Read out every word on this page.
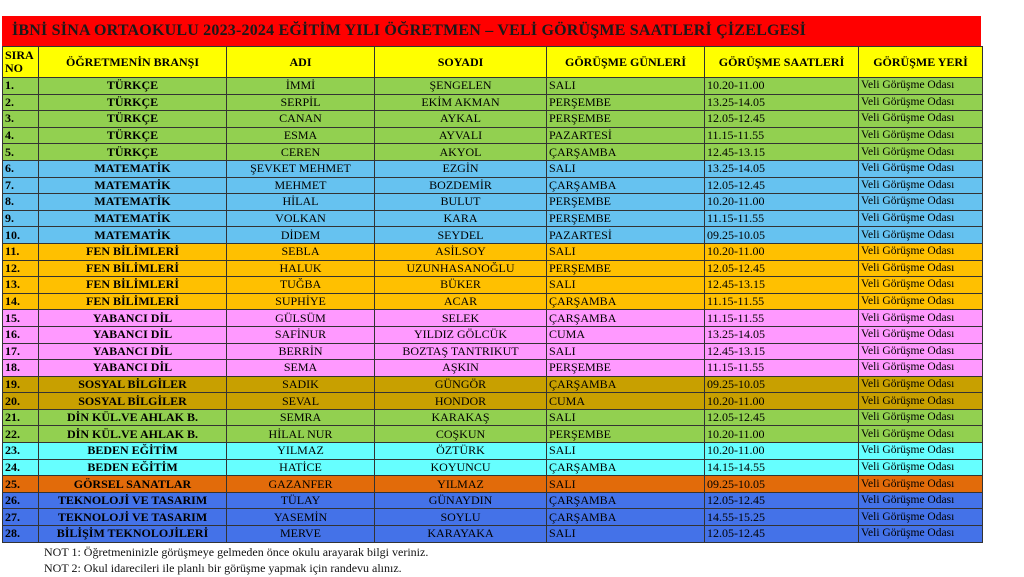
İBNİ SİNA ORTAOKULU 2023-2024 EĞİTİM YILI ÖĞRETMEN – VELİ GÖRÜŞME SAATLERİ ÇİZELGESİ
SIRA
NO	ÖĞRETMENİN BRANŞI	ADI	SOYADI	GÖRÜŞME GÜNLERİ	GÖRÜŞME SAATLERİ	GÖRÜŞME YERİ
1.	TÜRKÇE	İMMİ	ŞENGELEN	SALI	10.20-11.00	Veli Görüşme Odası
2.	TÜRKÇE	SERPİL	EKİM AKMAN	PERŞEMBE	13.25-14.05	Veli Görüşme Odası
3.	TÜRKÇE	CANAN	AYKAL	PERŞEMBE	12.05-12.45	Veli Görüşme Odası
4.	TÜRKÇE	ESMA	AYVALI	PAZARTESİ	11.15-11.55	Veli Görüşme Odası
5.	TÜRKÇE	CEREN	AKYOL	ÇARŞAMBA	12.45-13.15	Veli Görüşme Odası
6.	MATEMATİK	ŞEVKET MEHMET	EZGİN	SALI	13.25-14.05	Veli Görüşme Odası
7.	MATEMATİK	MEHMET	BOZDEMİR	ÇARŞAMBA	12.05-12.45	Veli Görüşme Odası
8.	MATEMATİK	HİLAL	BULUT	PERŞEMBE	10.20-11.00	Veli Görüşme Odası
9.	MATEMATİK	VOLKAN	KARA	PERŞEMBE	11.15-11.55	Veli Görüşme Odası
10.	MATEMATİK	DİDEM	SEYDEL	PAZARTESİ	09.25-10.05	Veli Görüşme Odası
11.	FEN BİLİMLERİ	SEBLA	ASİLSOY	SALI	10.20-11.00	Veli Görüşme Odası
12.	FEN BİLİMLERİ	HALUK	UZUNHASANOĞLU	PERŞEMBE	12.05-12.45	Veli Görüşme Odası
13.	FEN BİLİMLERİ	TUĞBA	BÜKER	SALI	12.45-13.15	Veli Görüşme Odası
14.	FEN BİLİMLERİ	SUPHİYE	ACAR	ÇARŞAMBA	11.15-11.55	Veli Görüşme Odası
15.	YABANCI DİL	GÜLSÜM	SELEK	ÇARŞAMBA	11.15-11.55	Veli Görüşme Odası
16.	YABANCI DİL	SAFİNUR	YILDIZ GÖLCÜK	CUMA	13.25-14.05	Veli Görüşme Odası
17.	YABANCI DİL	BERRİN	BOZTAŞ TANTRIKUT	SALI	12.45-13.15	Veli Görüşme Odası
18.	YABANCI DİL	SEMA	AŞKIN	PERŞEMBE	11.15-11.55	Veli Görüşme Odası
19.	SOSYAL BİLGİLER	SADIK	GÜNGÖR	ÇARŞAMBA	09.25-10.05	Veli Görüşme Odası
20.	SOSYAL BİLGİLER	SEVAL	HONDOR	CUMA	10.20-11.00	Veli Görüşme Odası
21.	DİN KÜL.VE AHLAK B.	SEMRA	KARAKAŞ	SALI	12.05-12.45	Veli Görüşme Odası
22.	DİN KÜL.VE AHLAK B.	HİLAL NUR	COŞKUN	PERŞEMBE	10.20-11.00	Veli Görüşme Odası
23.	BEDEN EĞİTİM	YILMAZ	ÖZTÜRK	SALI	10.20-11.00	Veli Görüşme Odası
24.	BEDEN EĞİTİM	HATİCE	KOYUNCU	ÇARŞAMBA	14.15-14.55	Veli Görüşme Odası
25.	GÖRSEL SANATLAR	GAZANFER	YILMAZ	SALI	09.25-10.05	Veli Görüşme Odası
26.	TEKNOLOJİ VE TASARIM	TÜLAY	GÜNAYDIN	ÇARŞAMBA	12.05-12.45	Veli Görüşme Odası
27.	TEKNOLOJİ VE TASARIM	YASEMİN	SOYLU	ÇARŞAMBA	14.55-15.25	Veli Görüşme Odası
28.	BİLİŞİM TEKNOLOJİLERİ	MERVE	KARAYAKA	SALI	12.05-12.45	Veli Görüşme Odası
NOT 1: Öğretmeninizle görüşmeye gelmeden önce okulu arayarak bilgi veriniz.
NOT 2: Okul idarecileri ile planlı bir görüşme yapmak için randevu alınız.
